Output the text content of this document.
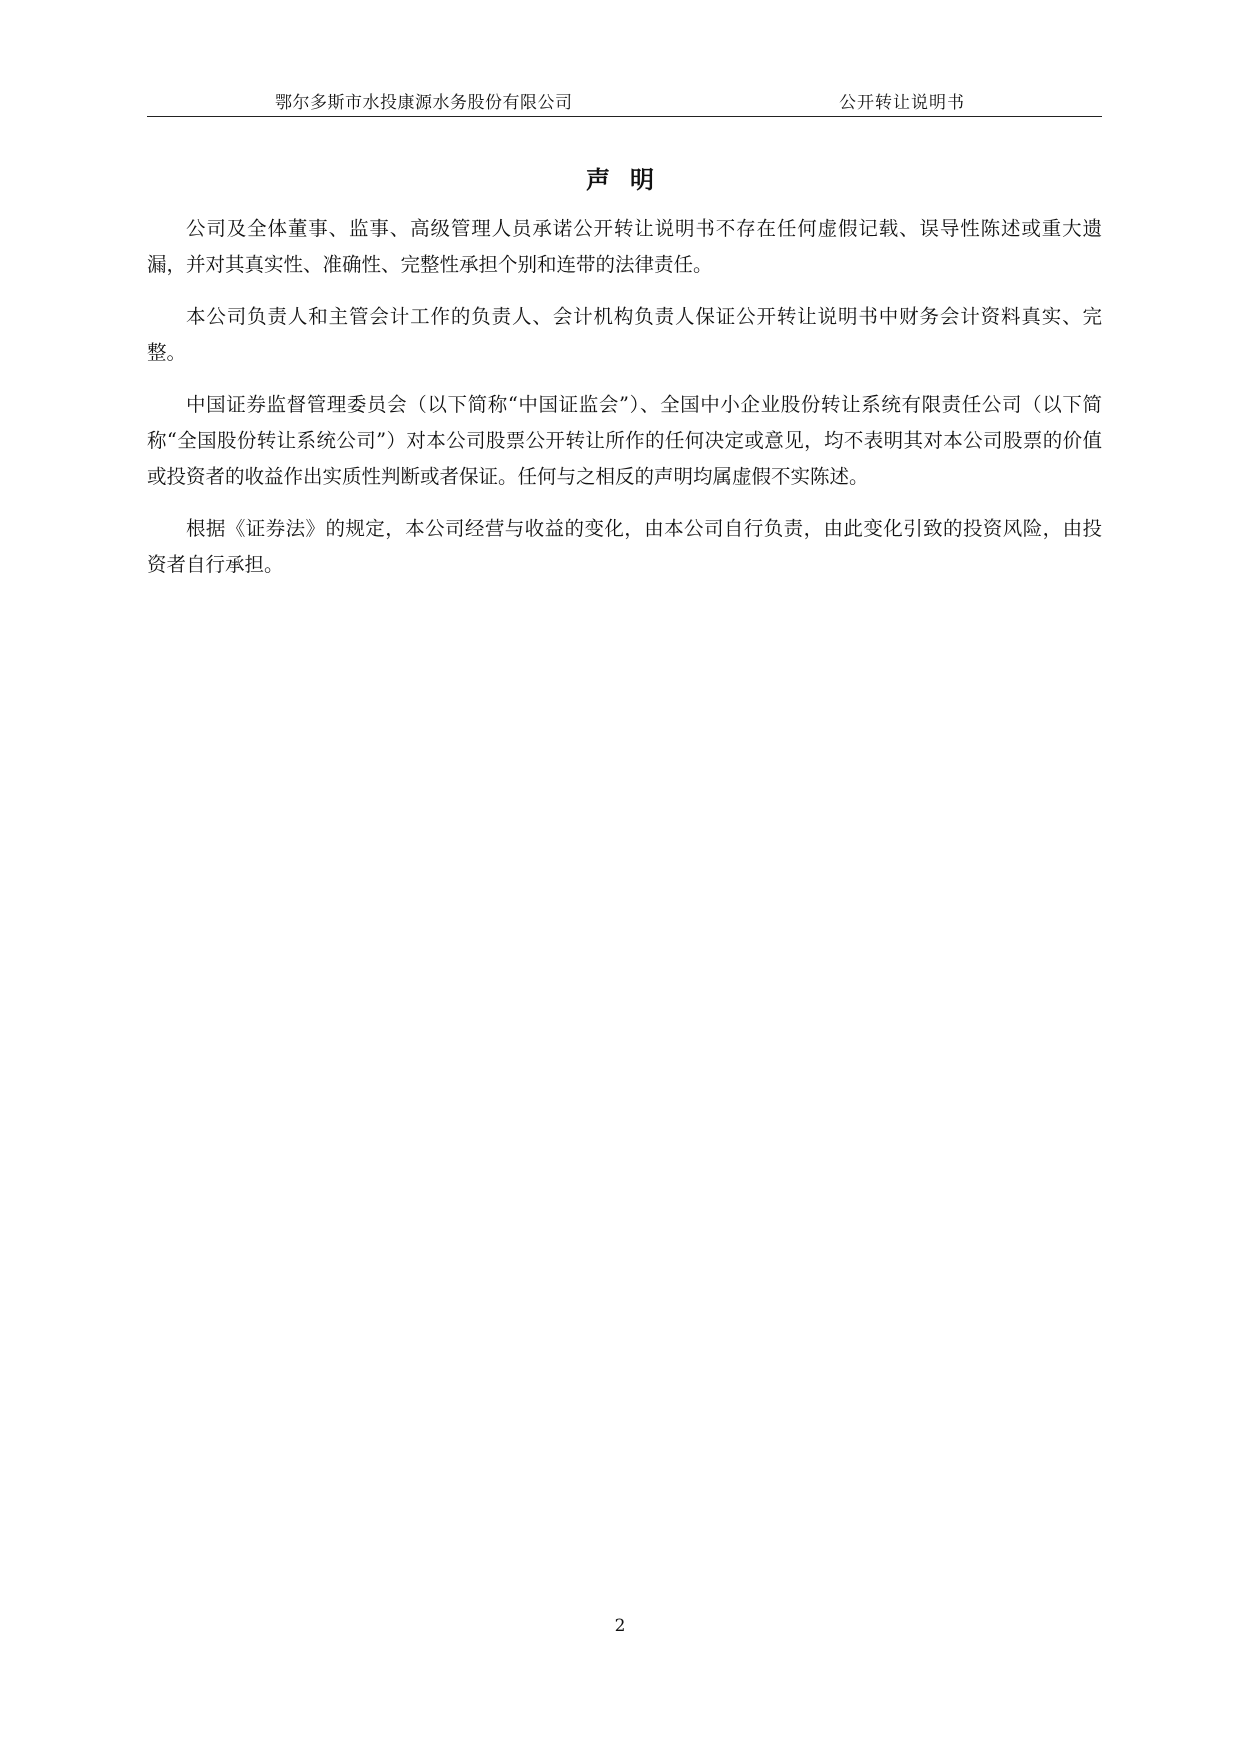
鄂尔多斯市水投康源水务股份有限公司	公开转让说明书
声明

公司及全体董事、监事、高级管理人员承诺公开转让说明书不存在任何虚假记载、误导性陈述或重大遗漏，并对其真实性、准确性、完整性承担个别和连带的法律责任。

本公司负责人和主管会计工作的负责人、会计机构负责人保证公开转让说明书中财务会计资料真实、完整。

中国证券监督管理委员会（以下简称“中国证监会”）、全国中小企业股份转让系统有限责任公司（以下简称“全国股份转让系统公司”）对本公司股票公开转让所作的任何决定或意见，均不表明其对本公司股票的价值或投资者的收益作出实质性判断或者保证。任何与之相反的声明均属虚假不实陈述。

根据《证券法》的规定，本公司经营与收益的变化，由本公司自行负责，由此变化引致的投资风险，由投资者自行承担。

2
